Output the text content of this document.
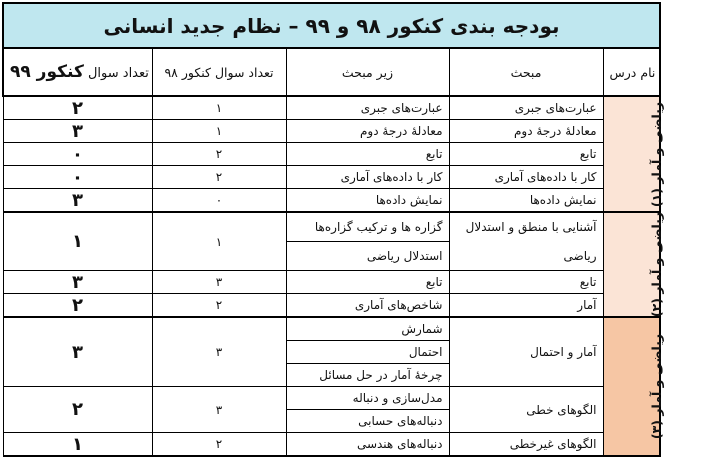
بودجه بندی کنکور ۹۸ و ۹۹ – نظام جدید انسانی				
تعداد سوال کنکور ۹۹	تعداد سوال کنکور ۹۸	زیر مبحث	مبحث	نام درس
۲	۱	عبارت‌های جبری	عبارت‌های جبری	ریاضی و آمار (۱)
۳	۱	معادلهٔ درجهٔ دوم	معادلهٔ درجهٔ دوم	
۰	۲	تابع	تابع	
۰	۲	کار با داده‌های آماری	کار با داده‌های آماری	
۳	۰	نمایش داده‌ها	نمایش داده‌ها	
۱	۱	گزاره ها و ترکیب گزاره‌ها	آشنایی با منطق و استدلال	ریاضی و آمار (۲)
		استدلال ریاضی	ریاضی	
۳	۳	تابع	تابع	
۲	۲	شاخص‌های آماری	آمار	
۳	۳	شمارش	آمار و احتمال	ریاضی و آمار (۳)
		احتمال		
		چرخهٔ آمار در حل مسائل		
۲	۳	مدل‌سازی و دنباله	الگوهای خطی	
		دنباله‌های حسابی		
۱	۲	دنباله‌های هندسی	الگوهای غیرخطی	
